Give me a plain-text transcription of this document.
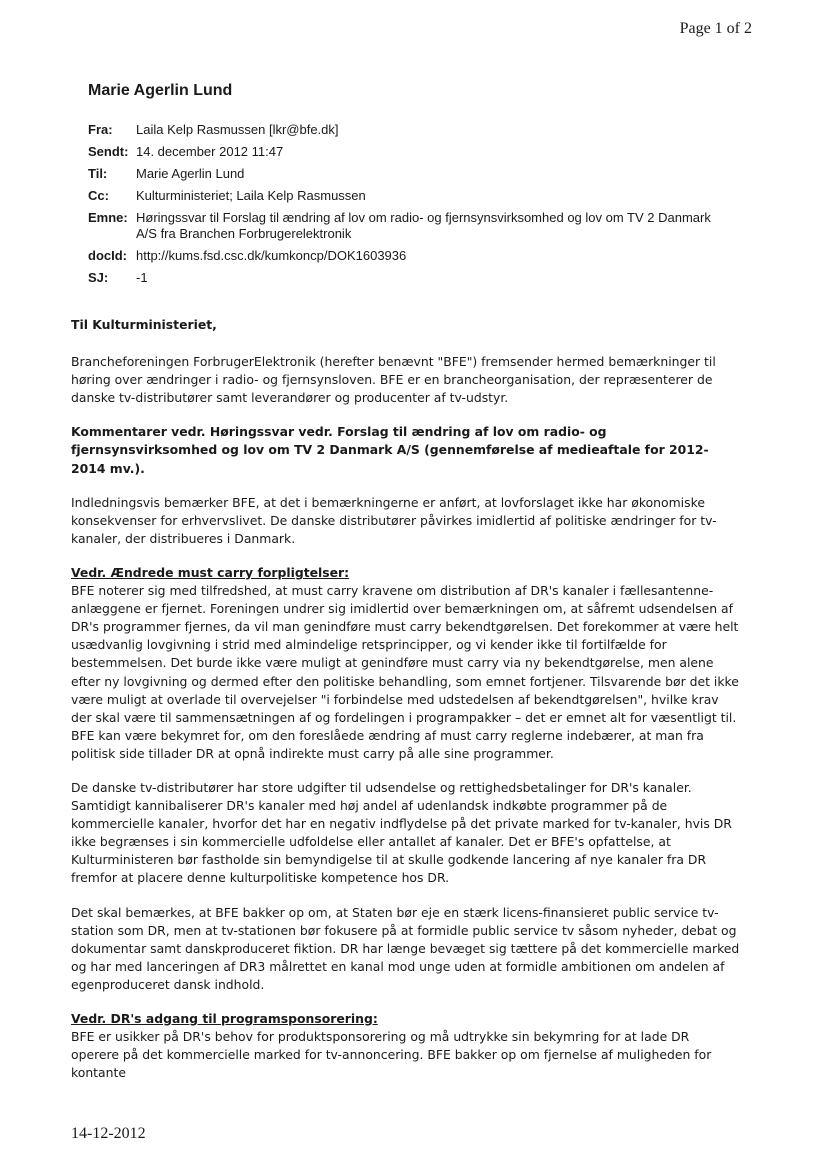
Page 1 of 2
Marie Agerlin Lund
Fra:	Laila Kelp Rasmussen [lkr@bfe.dk]
Sendt: 14. december 2012 11:47
Til:	Marie Agerlin Lund
Cc:	Kulturministeriet; Laila Kelp Rasmussen
Emne: Høringssvar til Forslag til ændring af lov om radio- og fjernsynsvirksomhed og lov om TV 2 Danmark A/S fra Branchen Forbrugerelektronik
docId: http://kums.fsd.csc.dk/kumkoncp/DOK1603936
SJ:	-1

Til Kulturministeriet,

Brancheforeningen ForbrugerElektronik (herefter benævnt "BFE") fremsender hermed bemærkninger til høring over ændringer i radio- og fjernsynsloven. BFE er en brancheorganisation, der repræsenterer de danske tv-distributører samt leverandører og producenter af tv-udstyr.

Kommentarer vedr. Høringssvar vedr. Forslag til ændring af lov om radio- og fjernsynsvirksomhed og lov om TV 2 Danmark A/S (gennemførelse af medieaftale for 2012-2014 mv.).

Indledningsvis bemærker BFE, at det i bemærkningerne er anført, at lovforslaget ikke har økonomiske konsekvenser for erhvervslivet. De danske distributører påvirkes imidlertid af politiske ændringer for tv-kanaler, der distribueres i Danmark.

Vedr. Ændrede must carry forpligtelser:

BFE noterer sig med tilfredshed, at must carry kravene om distribution af DR's kanaler i fællesantenne-anlæggene er fjernet. Foreningen undrer sig imidlertid over bemærkningen om, at såfremt udsendelsen af DR's programmer fjernes, da vil man genindføre must carry bekendtgørelsen. Det forekommer at være helt usædvanlig lovgivning i strid med almindelige retsprincipper, og vi kender ikke til fortilfælde for bestemmelsen. Det burde ikke være muligt at genindføre must carry via ny bekendtgørelse, men alene efter ny lovgivning og dermed efter den politiske behandling, som emnet fortjener. Tilsvarende bør det ikke være muligt at overlade til overvejelser "i forbindelse med udstedelsen af bekendtgørelsen", hvilke krav der skal være til sammensætningen af og fordelingen i programpakker – det er emnet alt for væsentligt til. BFE kan være bekymret for, om den foreslåede ændring af must carry reglerne indebærer, at man fra politisk side tillader DR at opnå indirekte must carry på alle sine programmer.

De danske tv-distributører har store udgifter til udsendelse og rettighedsbetalinger for DR's kanaler. Samtidigt kannibaliserer DR's kanaler med høj andel af udenlandsk indkøbte programmer på de kommercielle kanaler, hvorfor det har en negativ indflydelse på det private marked for tv-kanaler, hvis DR ikke begrænses i sin kommercielle udfoldelse eller antallet af kanaler. Det er BFE's opfattelse, at Kulturministeren bør fastholde sin bemyndigelse til at skulle godkende lancering af nye kanaler fra DR fremfor at placere denne kulturpolitiske kompetence hos DR.

Det skal bemærkes, at BFE bakker op om, at Staten bør eje en stærk licens-finansieret public service tv-station som DR, men at tv-stationen bør fokusere på at formidle public service tv såsom nyheder, debat og dokumentar samt danskproduceret fiktion. DR har længe bevæget sig tættere på det kommercielle marked og har med lanceringen af DR3 målrettet en kanal mod unge uden at formidle ambitionen om andelen af egenproduceret dansk indhold.

Vedr. DR's adgang til programsponsorering:

BFE er usikker på DR's behov for produktsponsorering og må udtrykke sin bekymring for at lade DR operere på det kommercielle marked for tv-annoncering. BFE bakker op om fjernelse af muligheden for kontante

14-12-2012
